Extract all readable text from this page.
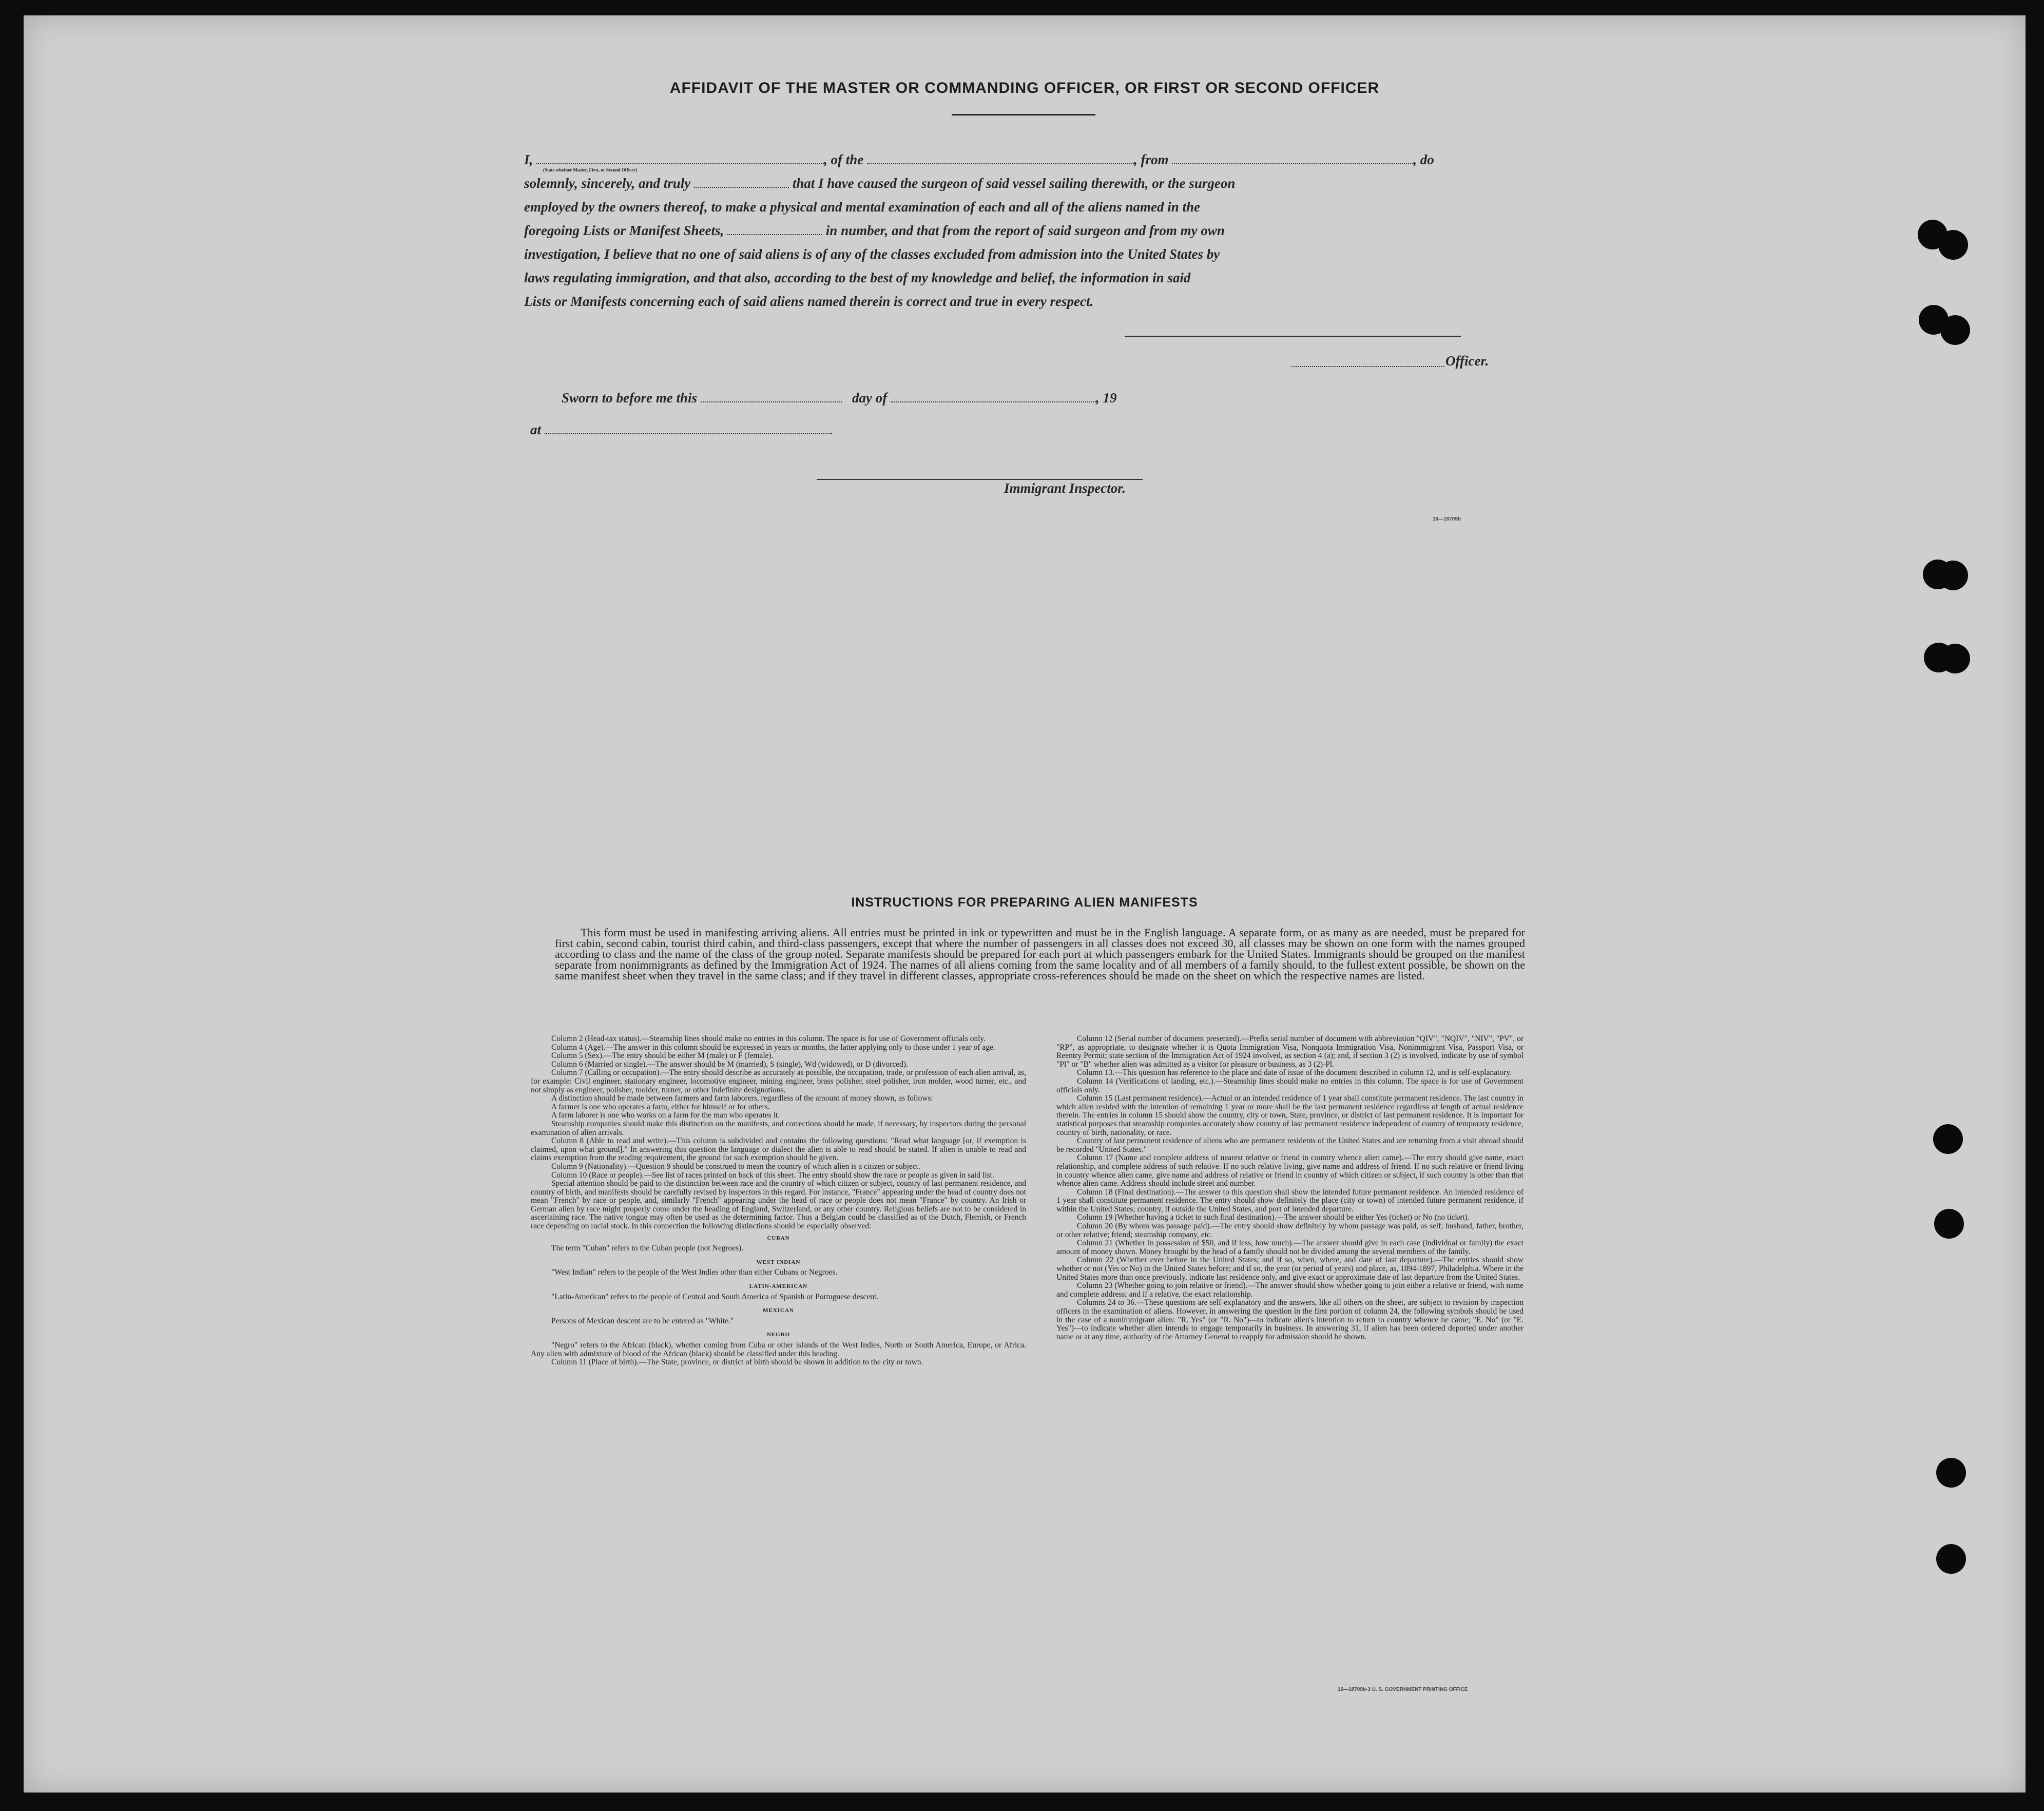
AFFIDAVIT OF THE MASTER OR COMMANDING OFFICER, OR FIRST OR SECOND OFFICER
I,	, of the	, from	, do
solemnly, sincerely, and truly	that I have caused the surgeon of said vessel sailing therewith, or the surgeon
employed by the owners thereof, to make a physical and mental examination of each and all of the aliens named in the
foregoing Lists or Manifest Sheets,	in number, and that from the report of said surgeon and from my own
investigation, I believe that no one of said aliens is of any of the classes excluded from admission into the United States by
laws regulating immigration, and that also, according to the best of my knowledge and belief, the information in said
Lists or Manifests concerning each of said aliens named therein is correct and true in every respect.
(State whether Master, First, or Second Officer)
Officer.
Sworn to before me this	day of	, 19
at
Immigrant Inspector.
16—18709b
INSTRUCTIONS FOR PREPARING ALIEN MANIFESTS
This form must be used in manifesting arriving aliens. All entries must be printed in ink or typewritten and must be in the English language. A separate form, or as many as are needed, must be prepared for first cabin, second cabin, tourist third cabin, and third-class passengers, except that where the number of passengers in all classes does not exceed 30, all classes may be shown on one form with the names grouped according to class and the name of the class of the group noted. Separate manifests should be prepared for each port at which passengers embark for the United States. Immigrants should be grouped on the manifest separate from nonimmigrants as defined by the Immigration Act of 1924. The names of all aliens coming from the same locality and of all members of a family should, to the fullest extent possible, be shown on the same manifest sheet when they travel in the same class; and if they travel in different classes, appropriate cross-references should be made on the sheet on which the respective names are listed.

Column 2 (Head-tax status).—Steamship lines should make no entries in this column. The space is for use of Government officials only.

Column 4 (Age).—The answer in this column should be expressed in years or months, the latter applying only to those under 1 year of age.

Column 5 (Sex).—The entry should be either M (male) or F (female).

Column 6 (Married or single).—The answer should be M (married), S (single), Wd (widowed), or D (divorced).

Column 7 (Calling or occupation).—The entry should describe as accurately as possible, the occupation, trade, or profession of each alien arrival, as, for example: Civil engineer, stationary engineer, locomotive engineer, mining engineer, brass polisher, steel polisher, iron molder, wood turner, etc., and not simply as engineer, polisher, molder, turner, or other indefinite designations.

A distinction should be made between farmers and farm laborers, regardless of the amount of money shown, as follows:

A farmer is one who operates a farm, either for himself or for others.

A farm laborer is one who works on a farm for the man who operates it.

Steamship companies should make this distinction on the manifests, and corrections should be made, if necessary, by inspectors during the personal examination of alien arrivals.

Column 8 (Able to read and write).—This column is subdivided and contains the following questions: "Read what language [or, if exemption is claimed, upon what ground]." In answering this question the language or dialect the alien is able to read should be stated. If alien is unable to read and claims exemption from the reading requirement, the ground for such exemption should be given.

Column 9 (Nationality).—Question 9 should be construed to mean the country of which alien is a citizen or subject.

Column 10 (Race or people).—See list of races printed on back of this sheet. The entry should show the race or people as given in said list.

Special attention should be paid to the distinction between race and the country of which citizen or subject, country of last permanent residence, and country of birth, and manifests should be carefully revised by inspectors in this regard. For instance, "France" appearing under the head of country does not mean "French" by race or people, and, similarly "French" appearing under the head of race or people does not mean "France" by country. An Irish or German alien by race might properly come under the heading of England, Switzerland, or any other country. Religious beliefs are not to be considered in ascertaining race. The native tongue may often be used as the determining factor. Thus a Belgian could be classified as of the Dutch, Flemish, or French race depending on racial stock. In this connection the following distinctions should be especially observed:

CUBAN

The term "Cuban" refers to the Cuban people (not Negroes).

WEST INDIAN

"West Indian" refers to the people of the West Indies other than either Cubans or Negroes.

LATIN-AMERICAN

"Latin-American" refers to the people of Central and South America of Spanish or Portuguese descent.

MEXICAN

Persons of Mexican descent are to be entered as "White."

NEGRO

"Negro" refers to the African (black), whether coming from Cuba or other islands of the West Indies, North or South America, Europe, or Africa. Any alien with admixture of blood of the African (black) should be classified under this heading.

Column 11 (Place of birth).—The State, province, or district of birth should be shown in addition to the city or town.

Column 12 (Serial number of document presented).—Prefix serial number of document with abbreviation "QIV", "NQIV", "NIV", "PV", or "RP", as appropriate, to designate whether it is Quota Immigration Visa, Nonquota Immigration Visa, Nonimmigrant Visa, Passport Visa, or Reentry Permit; state section of the Immigration Act of 1924 involved, as section 4 (a); and, if section 3 (2) is involved, indicate by use of symbol "Pl" or "B" whether alien was admitted as a visitor for pleasure or business, as 3 (2)-Pl.

Column 13.—This question has reference to the place and date of issue of the document described in column 12, and is self-explanatory.

Column 14 (Verifications of landing, etc.).—Steamship lines should make no entries in this column. The space is for use of Government officials only.

Column 15 (Last permanent residence).—Actual or an intended residence of 1 year shall constitute permanent residence. The last country in which alien resided with the intention of remaining 1 year or more shall be the last permanent residence regardless of length of actual residence therein. The entries in column 15 should show the country, city or town, State, province, or district of last permanent residence. It is important for statistical purposes that steamship companies accurately show country of last permanent residence independent of country of temporary residence, country of birth, nationality, or race.

Country of last permanent residence of aliens who are permanent residents of the United States and are returning from a visit abroad should be recorded "United States."

Column 17 (Name and complete address of nearest relative or friend in country whence alien came).—The entry should give name, exact relationship, and complete address of such relative. If no such relative living, give name and address of friend. If no such relative or friend living in country whence alien came, give name and address of relative or friend in country of which citizen or subject, if such country is other than that whence alien came. Address should include street and number.

Column 18 (Final destination).—The answer to this question shall show the intended future permanent residence. An intended residence of 1 year shall constitute permanent residence. The entry should show definitely the place (city or town) of intended future permanent residence, if within the United States; country, if outside the United States, and port of intended departure.

Column 19 (Whether having a ticket to such final destination).—The answer should be either Yes (ticket) or No (no ticket).

Column 20 (By whom was passage paid).—The entry should show definitely by whom passage was paid, as self; husband, father, brother, or other relative; friend; steamship company, etc.

Column 21 (Whether in possession of $50, and if less, how much).—The answer should give in each case (individual or family) the exact amount of money shown. Money brought by the head of a family should not be divided among the several members of the family.

Column 22 (Whether ever before in the United States; and if so, when, where, and date of last departure).—The entries should show whether or not (Yes or No) in the United States before; and if so, the year (or period of years) and place, as, 1894-1897, Philadelphia. Where in the United States more than once previously, indicate last residence only, and give exact or approximate date of last departure from the United States.

Column 23 (Whether going to join relative or friend).—The answer should show whether going to join either a relative or friend, with name and complete address; and if a relative, the exact relationship.

Columns 24 to 36.—These questions are self-explanatory and the answers, like all others on the sheet, are subject to revision by inspection officers in the examination of aliens. However, in answering the question in the first portion of column 24, the following symbols should be used in the case of a nonimmigrant alien: "R. Yes" (or "R. No")—to indicate alien's intention to return to country whence he came; "E. No" (or "E. Yes")—to indicate whether alien intends to engage temporarily in business. In answering 31, if alien has been ordered deported under another name or at any time, authority of the Attorney General to reapply for admission should be shown.

16—18709b-3 U. S. GOVERNMENT PRINTING OFFICE
